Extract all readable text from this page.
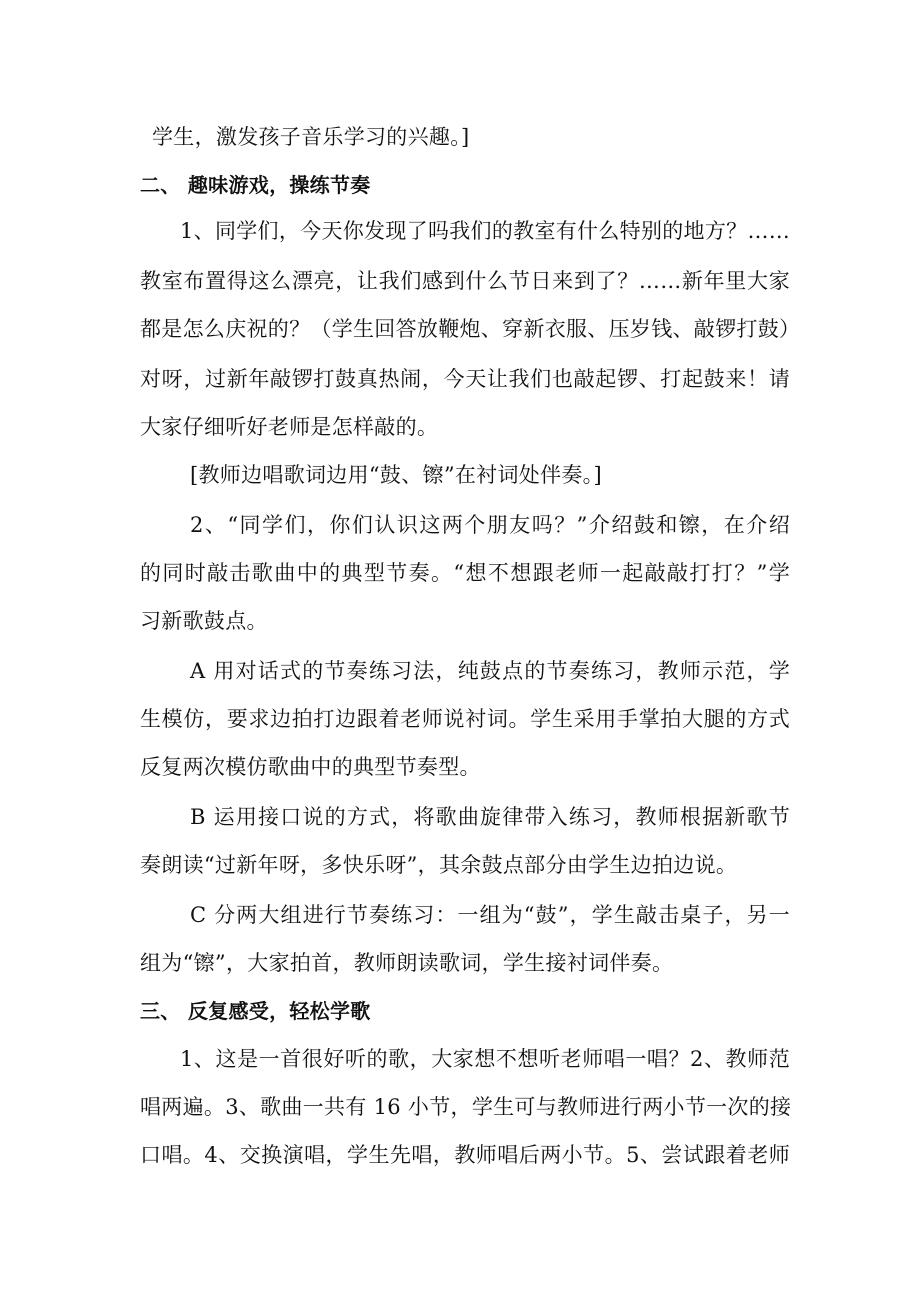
学生，激发孩子音乐学习的兴趣。]
二、 趣味游戏，操练节奏
1、同学们，今天你发现了吗我们的教室有什么特别的地方？……
教室布置得这么漂亮，让我们感到什么节日来到了？……新年里大家
都是怎么庆祝的？（学生回答放鞭炮、穿新衣服、压岁钱、敲锣打鼓）
对呀，过新年敲锣打鼓真热闹，今天让我们也敲起锣、打起鼓来！请
大家仔细听好老师是怎样敲的。
[教师边唱歌词边用“鼓、镲”在衬词处伴奏。]
2、“同学们，你们认识这两个朋友吗？”介绍鼓和镲，在介绍
的同时敲击歌曲中的典型节奏。“想不想跟老师一起敲敲打打？”学
习新歌鼓点。
A 用对话式的节奏练习法，纯鼓点的节奏练习，教师示范，学
生模仿，要求边拍打边跟着老师说衬词。学生采用手掌拍大腿的方式
反复两次模仿歌曲中的典型节奏型。
B 运用接口说的方式，将歌曲旋律带入练习，教师根据新歌节
奏朗读“过新年呀，多快乐呀”，其余鼓点部分由学生边拍边说。
C 分两大组进行节奏练习：一组为“鼓”，学生敲击桌子，另一
组为“镲”，大家拍首，教师朗读歌词，学生接衬词伴奏。
三、 反复感受，轻松学歌
1、这是一首很好听的歌，大家想不想听老师唱一唱？2、教师范
唱两遍。3、歌曲一共有 16 小节，学生可与教师进行两小节一次的接
口唱。4、交换演唱，学生先唱，教师唱后两小节。5、尝试跟着老师
